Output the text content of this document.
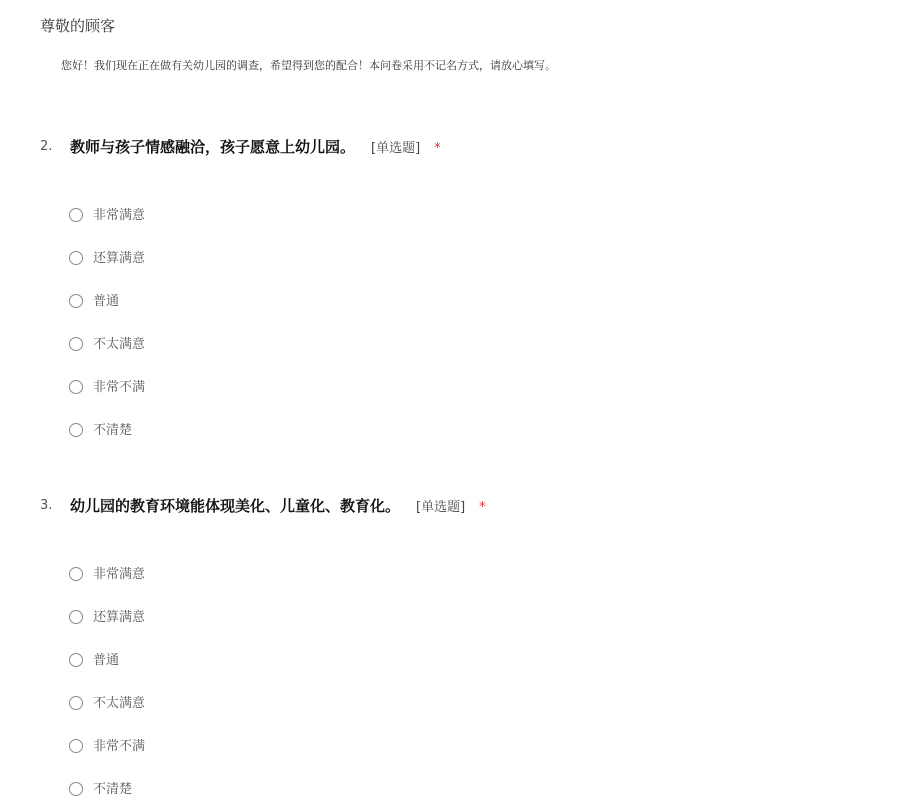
尊敬的顾客
您好！我们现在正在做有关幼儿园的调查，希望得到您的配合！本问卷采用不记名方式，请放心填写。
2. 教师与孩子情感融洽，孩子愿意上幼儿园。 [单选题] *
非常满意
还算满意
普通
不太满意
非常不满
不清楚
3. 幼儿园的教育环境能体现美化、儿童化、教育化。 [单选题] *
非常满意
还算满意
普通
不太满意
非常不满
不清楚
